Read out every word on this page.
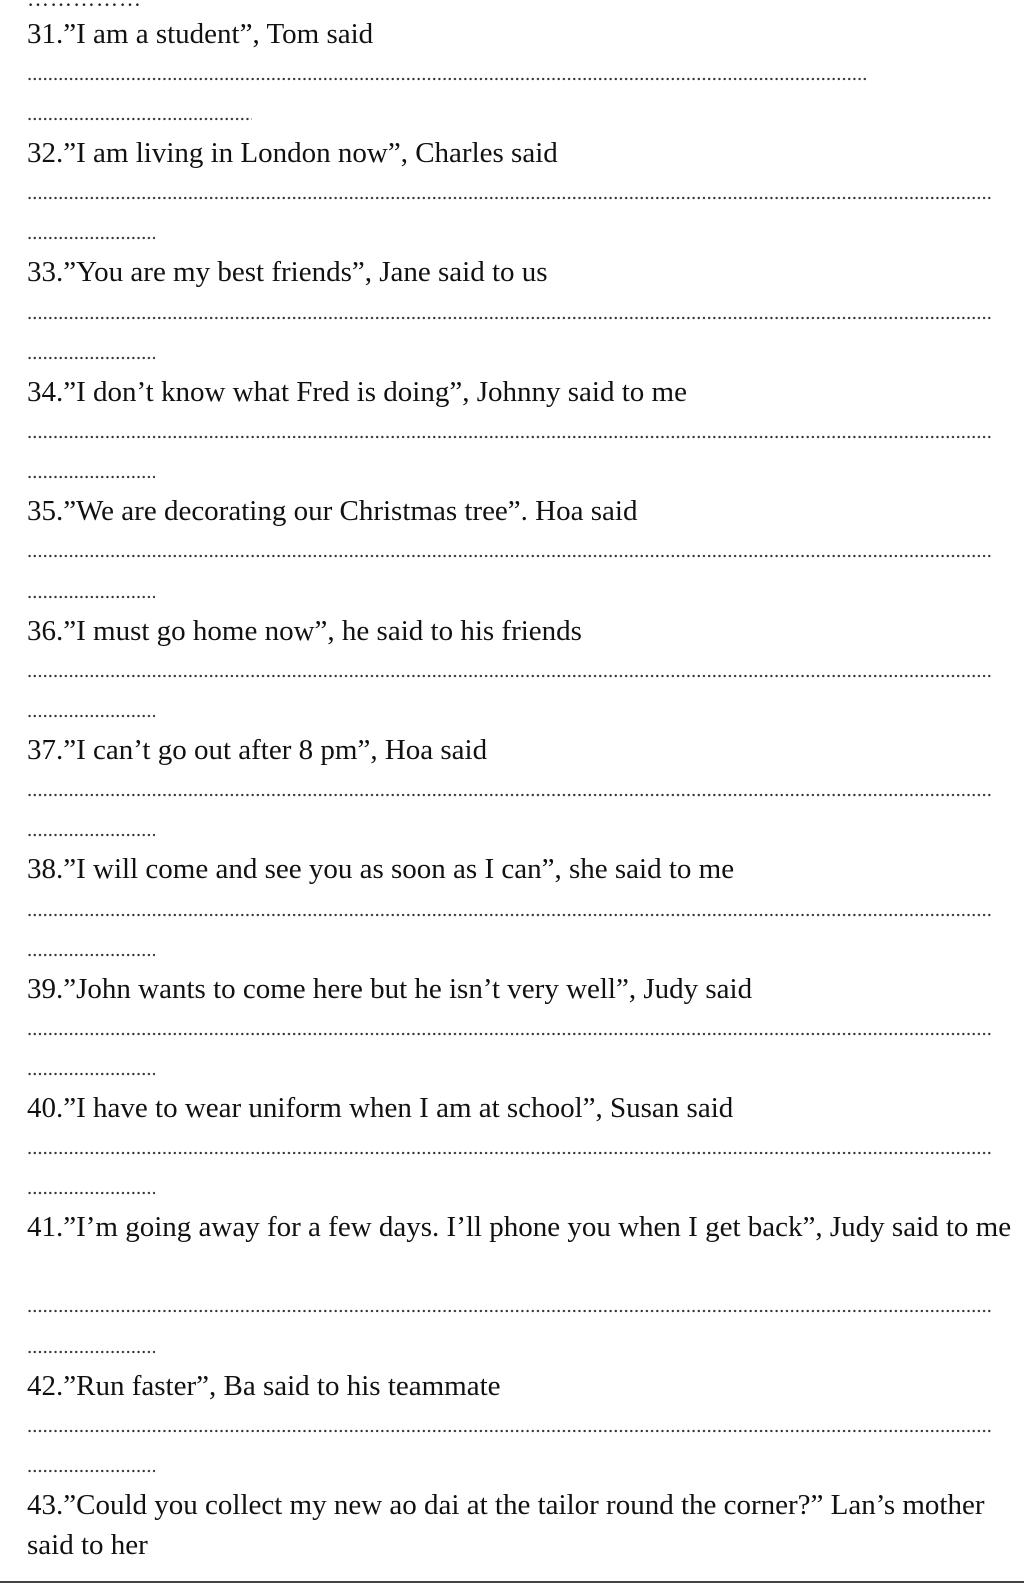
31.”I am a student”, Tom said
32.”I am living in London now”, Charles said
33.”You are my best friends”, Jane said to us
34.”I don’t know what Fred is doing”, Johnny said to me
35.”We are decorating our Christmas tree”. Hoa said
36.”I must go home now”, he said to his friends
37.”I can’t go out after 8 pm”, Hoa said
38.”I will come and see you as soon as I can”, she said to me
39.”John wants to come here but he isn’t very well”, Judy said
40.”I have to wear uniform when I am at school”, Susan said
41.”I’m going away for a few days. I’ll phone you when I get back”, Judy said to me
42.”Run faster”, Ba said to his teammate
43.”Could you collect my new ao dai at the tailor round the corner?” Lan’s mother said to her
